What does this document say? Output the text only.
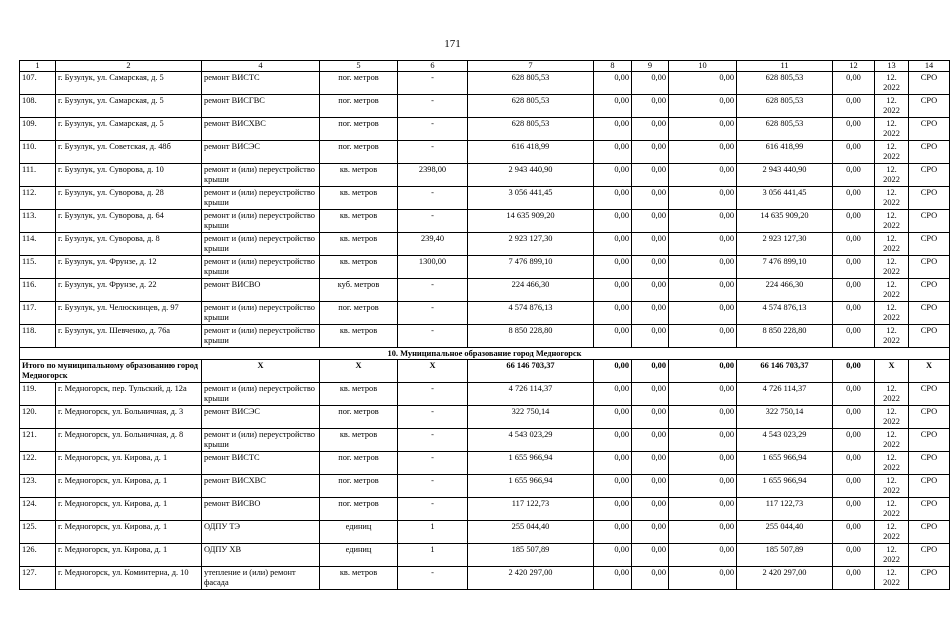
171
1	2	4	5	6	7	8	9	10	11	12	13	14
107.	г. Бузулук, ул. Самарская, д. 5	ремонт ВИСТС	пог. метров	-	628 805,53	0,00	0,00	0,00	628 805,53	0,00	12. 2022	СРО
108.	г. Бузулук, ул. Самарская, д. 5	ремонт ВИСГВС	пог. метров	-	628 805,53	0,00	0,00	0,00	628 805,53	0,00	12. 2022	СРО
109.	г. Бузулук, ул. Самарская, д. 5	ремонт ВИСХВС	пог. метров	-	628 805,53	0,00	0,00	0,00	628 805,53	0,00	12. 2022	СРО
110.	г. Бузулук, ул. Советская, д. 48б	ремонт ВИСЭС	пог. метров	-	616 418,99	0,00	0,00	0,00	616 418,99	0,00	12. 2022	СРО
111.	г. Бузулук, ул. Суворова, д. 10	ремонт и (или) переустройство крыши	кв. метров	2398,00	2 943 440,90	0,00	0,00	0,00	2 943 440,90	0,00	12. 2022	СРО
112.	г. Бузулук, ул. Суворова, д. 28	ремонт и (или) переустройство крыши	кв. метров	-	3 056 441,45	0,00	0,00	0,00	3 056 441,45	0,00	12. 2022	СРО
113.	г. Бузулук, ул. Суворова, д. 64	ремонт и (или) переустройство крыши	кв. метров	-	14 635 909,20	0,00	0,00	0,00	14 635 909,20	0,00	12. 2022	СРО
114.	г. Бузулук, ул. Суворова, д. 8	ремонт и (или) переустройство крыши	кв. метров	239,40	2 923 127,30	0,00	0,00	0,00	2 923 127,30	0,00	12. 2022	СРО
115.	г. Бузулук, ул. Фрунзе, д. 12	ремонт и (или) переустройство крыши	кв. метров	1300,00	7 476 899,10	0,00	0,00	0,00	7 476 899,10	0,00	12. 2022	СРО
116.	г. Бузулук, ул. Фрунзе, д. 22	ремонт ВИСВО	куб. метров	-	224 466,30	0,00	0,00	0,00	224 466,30	0,00	12. 2022	СРО
117.	г. Бузулук, ул. Челюскинцев, д. 97	ремонт и (или) переустройство крыши	пог. метров	-	4 574 876,13	0,00	0,00	0,00	4 574 876,13	0,00	12. 2022	СРО
118.	г. Бузулук, ул. Шевченко, д. 76а	ремонт и (или) переустройство крыши	кв. метров	-	8 850 228,80	0,00	0,00	0,00	8 850 228,80	0,00	12. 2022	СРО
10. Муниципальное образование город Медногорск												
Итого по муниципальному образованию город Медногорск		X	X	X	66 146 703,37	0,00	0,00	0,00	66 146 703,37	0,00	X	X
119.	г. Медногорск, пер. Тульский, д. 12а	ремонт и (или) переустройство крыши	кв. метров	-	4 726 114,37	0,00	0,00	0,00	4 726 114,37	0,00	12. 2022	СРО
120.	г. Медногорск, ул. Больничная, д. 3	ремонт ВИСЭС	пог. метров	-	322 750,14	0,00	0,00	0,00	322 750,14	0,00	12. 2022	СРО
121.	г. Медногорск, ул. Больничная, д. 8	ремонт и (или) переустройство крыши	кв. метров	-	4 543 023,29	0,00	0,00	0,00	4 543 023,29	0,00	12. 2022	СРО
122.	г. Медногорск, ул. Кирова, д. 1	ремонт ВИСТС	пог. метров	-	1 655 966,94	0,00	0,00	0,00	1 655 966,94	0,00	12. 2022	СРО
123.	г. Медногорск, ул. Кирова, д. 1	ремонт ВИСХВС	пог. метров	-	1 655 966,94	0,00	0,00	0,00	1 655 966,94	0,00	12. 2022	СРО
124.	г. Медногорск, ул. Кирова, д. 1	ремонт ВИСВО	пог. метров	-	117 122,73	0,00	0,00	0,00	117 122,73	0,00	12. 2022	СРО
125.	г. Медногорск, ул. Кирова, д. 1	ОДПУ ТЭ	единиц	1	255 044,40	0,00	0,00	0,00	255 044,40	0,00	12. 2022	СРО
126.	г. Медногорск, ул. Кирова, д. 1	ОДПУ ХВ	единиц	1	185 507,89	0,00	0,00	0,00	185 507,89	0,00	12. 2022	СРО
127.	г. Медногорск, ул. Коминтерна, д. 10	утепление и (или) ремонт фасада	кв. метров	-	2 420 297,00	0,00	0,00	0,00	2 420 297,00	0,00	12. 2022	СРО
